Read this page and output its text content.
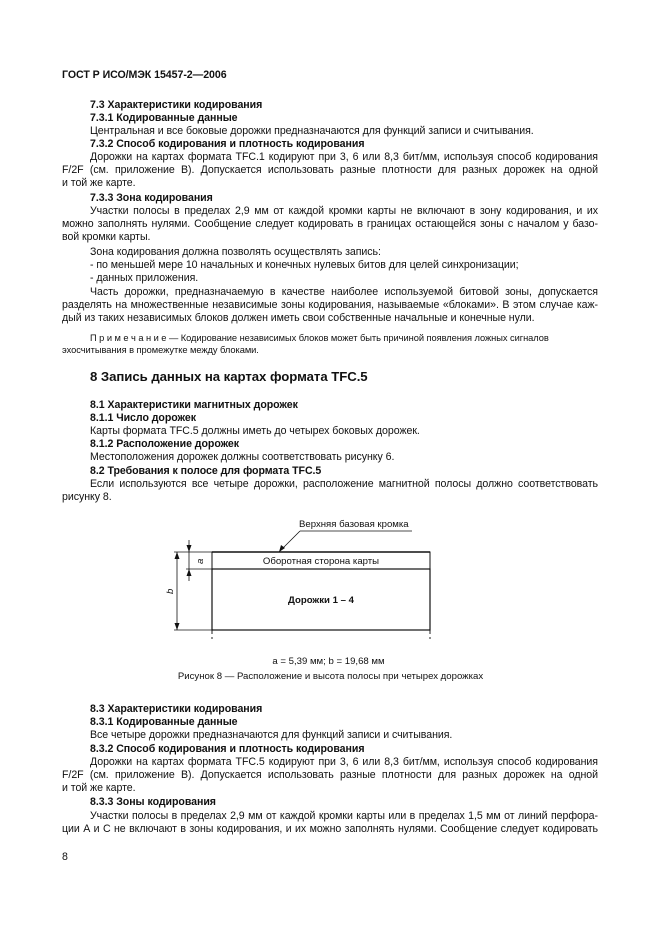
ГОСТ Р ИСО/МЭК 15457-2—2006
7.3 Характеристики кодирования
7.3.1 Кодированные данные
Центральная и все боковые дорожки предназначаются для функций записи и считывания.
7.3.2 Способ кодирования и плотность кодирования
Дорожки на картах формата TFC.1 кодируют при 3, 6 или 8,3 бит/мм, используя способ кодирования
F/2F (см. приложение B). Допускается использовать разные плотности для разных дорожек на одной
и той же карте.
7.3.3 Зона кодирования
Участки полосы в пределах 2,9 мм от каждой кромки карты не включают в зону кодирования, и их
можно заполнять нулями. Сообщение следует кодировать в границах остающейся зоны с началом у базо-
вой кромки карты.
Зона кодирования должна позволять осуществлять запись:
- по меньшей мере 10 начальных и конечных нулевых битов для целей синхронизации;
- данных приложения.
Часть дорожки, предназначаемую в качестве наиболее используемой битовой зоны, допускается
разделять на множественные независимые зоны кодирования, называемые «блоками». В этом случае каж-
дый из таких независимых блоков должен иметь свои собственные начальные и конечные нули.
П р и м е ч а н и е — Кодирование независимых блоков может быть причиной появления ложных сигналов
эхосчитывания в промежутке между блоками.
8 Запись данных на картах формата TFC.5
8.1 Характеристики магнитных дорожек
8.1.1 Число дорожек
Карты формата TFC.5 должны иметь до четырех боковых дорожек.
8.1.2 Расположение дорожек
Местоположения дорожек должны соответствовать рисунку 6.
8.2 Требования к полосе для формата TFC.5
Если используются все четыре дорожки, расположение магнитной полосы должно соответствовать
рисунку 8.
Верхняя базовая кромка
Оборотная сторона карты
Дорожки 1 – 4
a
b
a = 5,39 мм; b = 19,68 мм
Рисунок 8 — Расположение и высота полосы при четырех дорожках
8.3 Характеристики кодирования
8.3.1 Кодированные данные
Все четыре дорожки предназначаются для функций записи и считывания.
8.3.2 Способ кодирования и плотность кодирования
Дорожки на картах формата TFC.5 кодируют при 3, 6 или 8,3 бит/мм, используя способ кодирования
F/2F (см. приложение B). Допускается использовать разные плотности для разных дорожек на одной
и той же карте.
8.3.3 Зоны кодирования
Участки полосы в пределах 2,9 мм от каждой кромки карты или в пределах 1,5 мм от линий перфора-
ции А и С не включают в зоны кодирования, и их можно заполнять нулями. Сообщение следует кодировать
8
